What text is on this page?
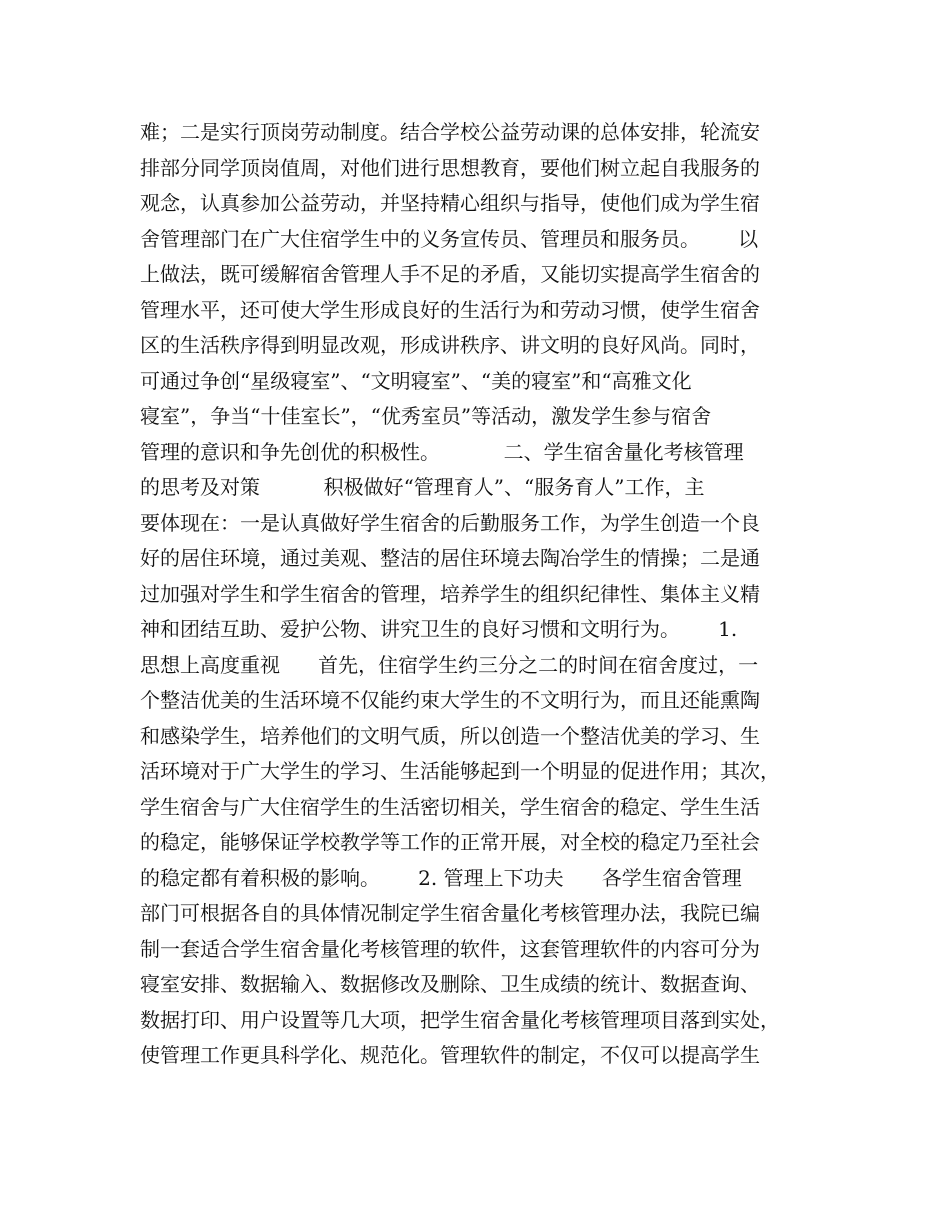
难；二是实行顶岗劳动制度。结合学校公益劳动课的总体安排，轮流安
排部分同学顶岗值周，对他们进行思想教育，要他们树立起自我服务的
观念，认真参加公益劳动，并坚持精心组织与指导，使他们成为学生宿
舍管理部门在广大住宿学生中的义务宣传员、管理员和服务员。      以
上做法，既可缓解宿舍管理人手不足的矛盾，又能切实提高学生宿舍的
管理水平，还可使大学生形成良好的生活行为和劳动习惯，使学生宿舍
区的生活秩序得到明显改观，形成讲秩序、讲文明的良好风尚。同时，
可通过争创“星级寝室”、“文明寝室”、“美的寝室”和“高雅文化
寝室”，争当“十佳室长”，“优秀室员”等活动，激发学生参与宿舍
管理的意识和争先创优的积极性。          二、学生宿舍量化考核管理
的思考及对策          积极做好“管理育人”、“服务育人”工作，主
要体现在：一是认真做好学生宿舍的后勤服务工作，为学生创造一个良
好的居住环境，通过美观、整洁的居住环境去陶冶学生的情操；二是通
过加强对学生和学生宿舍的管理，培养学生的组织纪律性、集体主义精
神和团结互助、爱护公物、讲究卫生的良好习惯和文明行为。      1.
思想上高度重视      首先，住宿学生约三分之二的时间在宿舍度过，一
个整洁优美的生活环境不仅能约束大学生的不文明行为，而且还能熏陶
和感染学生，培养他们的文明气质，所以创造一个整洁优美的学习、生
活环境对于广大学生的学习、生活能够起到一个明显的促进作用；其次，
学生宿舍与广大住宿学生的生活密切相关，学生宿舍的稳定、学生生活
的稳定，能够保证学校教学等工作的正常开展，对全校的稳定乃至社会
的稳定都有着积极的影响。      2. 管理上下功夫      各学生宿舍管理
部门可根据各自的具体情况制定学生宿舍量化考核管理办法，我院已编
制一套适合学生宿舍量化考核管理的软件，这套管理软件的内容可分为
寝室安排、数据输入、数据修改及删除、卫生成绩的统计、数据查询、
数据打印、用户设置等几大项，把学生宿舍量化考核管理项目落到实处，
使管理工作更具科学化、规范化。管理软件的制定，不仅可以提高学生
